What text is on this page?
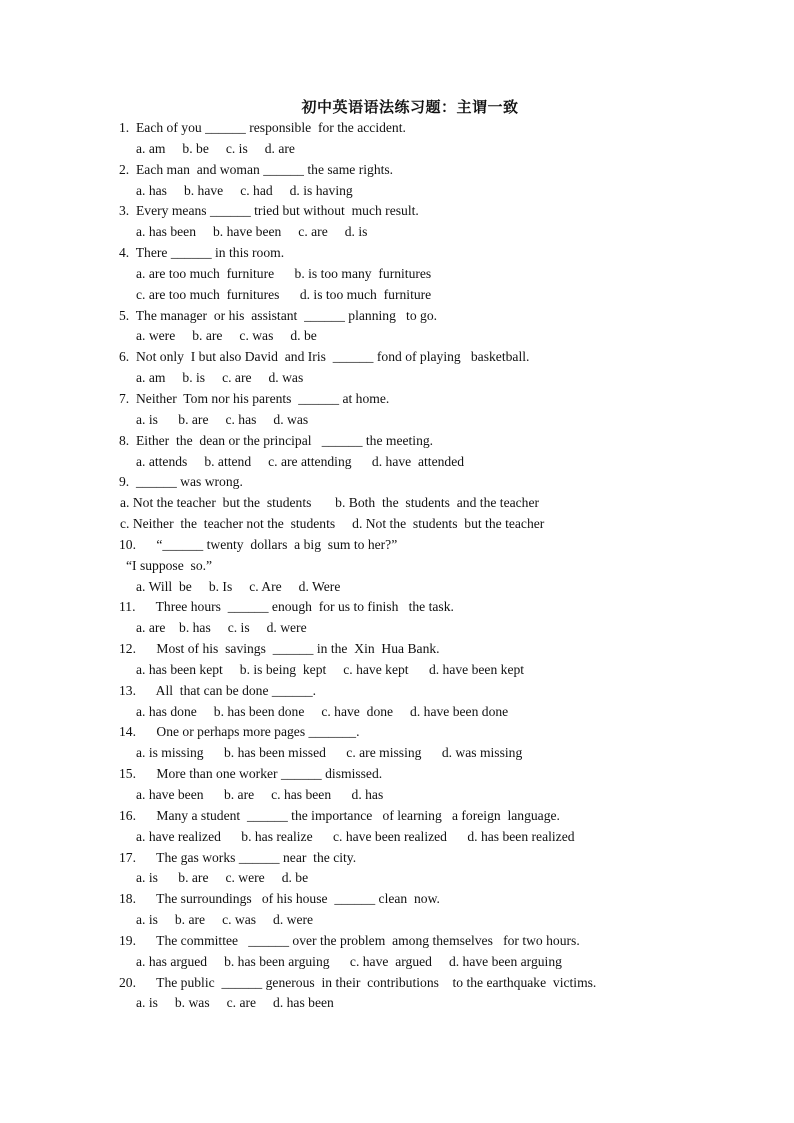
初中英语语法练习题：主谓一致
1.  Each of you ______ responsible  for the accident.
a. am     b. be     c. is     d. are
2.  Each man  and woman ______ the same rights.
a. has     b. have     c. had     d. is having
3.  Every means ______ tried but without  much result.
a. has been     b. have been     c. are     d. is
4.  There ______ in this room.
a. are too much  furniture      b. is too many  furnitures
c. are too much  furnitures      d. is too much  furniture
5.  The manager  or his  assistant  ______ planning   to go.
a. were     b. are     c. was     d. be
6.  Not only  I but also David  and Iris  ______ fond of playing   basketball.
a. am     b. is     c. are     d. was
7.  Neither  Tom nor his parents  ______ at home.
a. is      b. are     c. has     d. was
8.  Either  the  dean or the principal   ______ the meeting.
a. attends     b. attend     c. are attending      d. have  attended
9.  ______ was wrong.
a. Not the teacher  but the  students       b. Both  the  students  and the teacher
c. Neither  the  teacher not the  students     d. Not the  students  but the teacher
10.      “______ twenty  dollars  a big  sum to her?”
“I suppose  so.”
a. Will  be     b. Is     c. Are     d. Were
11.      Three hours  ______ enough  for us to finish   the task.
a. are    b. has     c. is     d. were
12.      Most of his  savings  ______ in the  Xin  Hua Bank.
a. has been kept     b. is being  kept     c. have kept      d. have been kept
13.      All  that can be done ______.
a. has done     b. has been done     c. have  done     d. have been done
14.      One or perhaps more pages _______.
a. is missing      b. has been missed      c. are missing      d. was missing
15.      More than one worker ______ dismissed.
a. have been      b. are     c. has been      d. has
16.      Many a student  ______ the importance   of learning   a foreign  language.
a. have realized      b. has realize      c. have been realized      d. has been realized
17.      The gas works ______ near  the city.
a. is      b. are     c. were     d. be
18.      The surroundings   of his house  ______ clean  now.
a. is     b. are     c. was     d. were
19.      The committee   ______ over the problem  among themselves   for two hours.
a. has argued     b. has been arguing      c. have  argued     d. have been arguing
20.      The public  ______ generous  in their  contributions    to the earthquake  victims.
a. is     b. was     c. are     d. has been
